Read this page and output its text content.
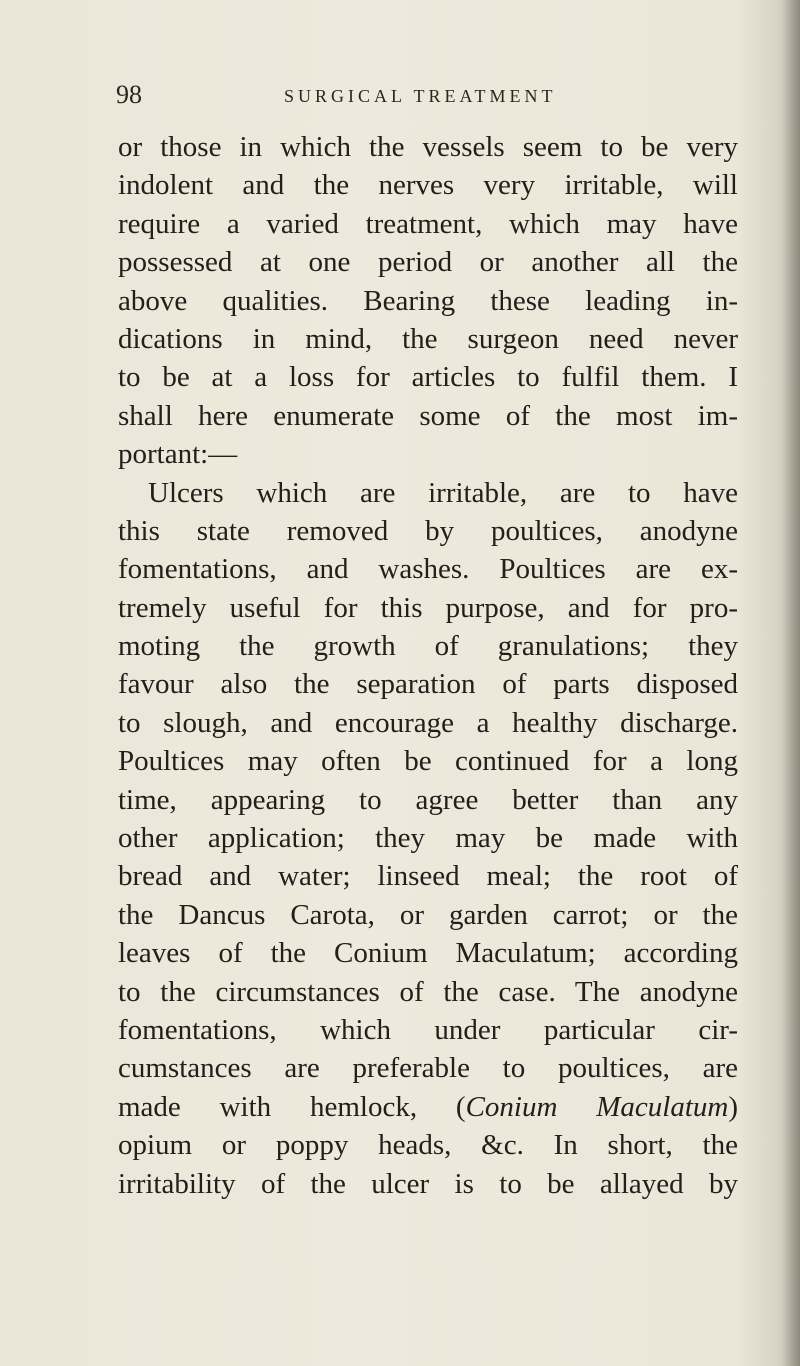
98	SURGICAL TREATMENT
or those in which the vessels seem to be very
indolent and the nerves very irritable, will
require a varied treatment, which may have
possessed at one period or another all the
above qualities. Bearing these leading in-
dications in mind, the surgeon need never
to be at a loss for articles to fulfil them. I
shall here enumerate some of the most im-
portant:—
Ulcers which are irritable, are to have
this state removed by poultices, anodyne
fomentations, and washes. Poultices are ex-
tremely useful for this purpose, and for pro-
moting the growth of granulations; they
favour also the separation of parts disposed
to slough, and encourage a healthy discharge.
Poultices may often be continued for a long
time, appearing to agree better than any
other application; they may be made with
bread and water; linseed meal; the root of
the Dancus Carota, or garden carrot; or the
leaves of the Conium Maculatum; according
to the circumstances of the case. The anodyne
fomentations, which under particular cir-
cumstances are preferable to poultices, are
made with hemlock, (Conium Maculatum)
opium or poppy heads, &c. In short, the
irritability of the ulcer is to be allayed by
